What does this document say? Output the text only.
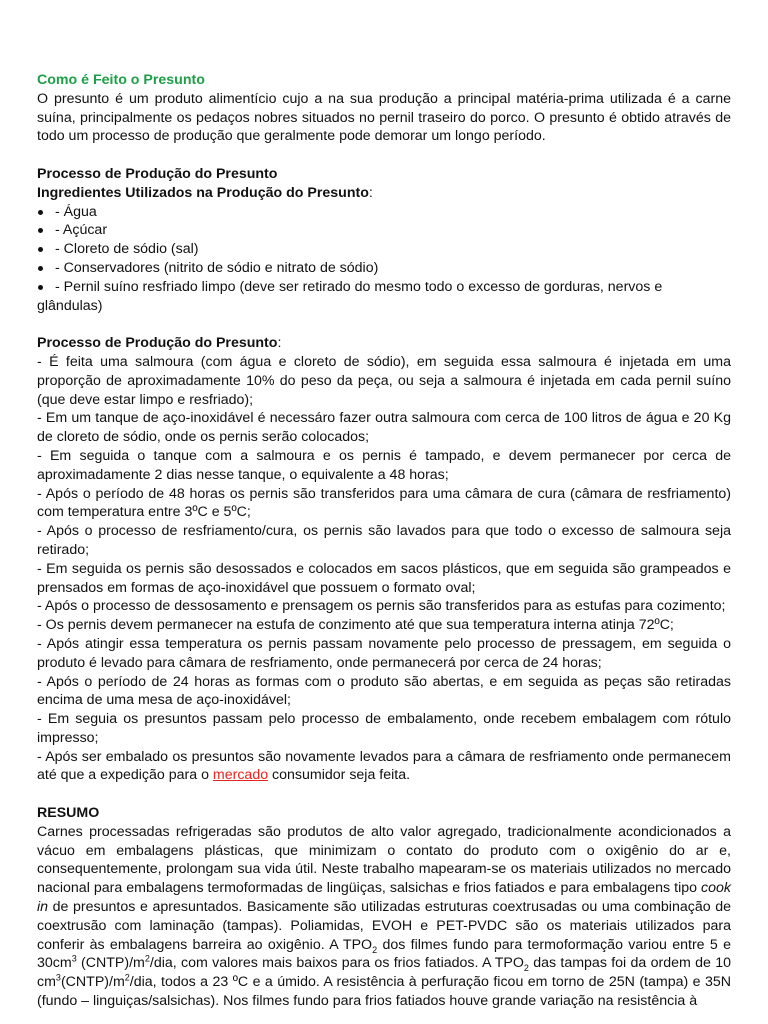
Como é Feito o Presunto

O presunto é um produto alimentício cujo a na sua produção a principal matéria-prima utilizada é a carne suína, principalmente os pedaços nobres situados no pernil traseiro do porco. O presunto é obtido através de todo um processo de produção que geralmente pode demorar um longo período.

Processo de Produção do Presunto

Ingredientes Utilizados na Produção do Presunto:

- Água
- Açúcar
- Cloreto de sódio (sal)
- Conservadores (nitrito de sódio e nitrato de sódio)
- Pernil suíno resfriado limpo (deve ser retirado do mesmo todo o excesso de gorduras, nervos e glândulas)

Processo de Produção do Presunto:

- É feita uma salmoura (com água e cloreto de sódio), em seguida essa salmoura é injetada em uma proporção de aproximadamente 10% do peso da peça, ou seja a salmoura é injetada em cada pernil suíno (que deve estar limpo e resfriado);

- Em um tanque de aço-inoxidável é necessáro fazer outra salmoura com cerca de 100 litros de água e 20 Kg de cloreto de sódio, onde os pernis serão colocados;

- Em seguida o tanque com a salmoura e os pernis é tampado, e devem permanecer por cerca de aproximadamente 2 dias nesse tanque, o equivalente a 48 horas;

- Após o período de 48 horas os pernis são transferidos para uma câmara de cura (câmara de resfriamento) com temperatura entre 3ºC e 5ºC;

- Após o processo de resfriamento/cura, os pernis são lavados para que todo o excesso de salmoura seja retirado;

- Em seguida os pernis são desossados e colocados em sacos plásticos, que em seguida são grampeados e prensados em formas de aço-inoxidável que possuem o formato oval;

- Após o processo de dessosamento e prensagem os pernis são transferidos para as estufas para cozimento;

- Os pernis devem permanecer na estufa de conzimento até que sua temperatura interna atinja 72ºC;

- Após atingir essa temperatura os pernis passam novamente pelo processo de pressagem, em seguida o produto é levado para câmara de resfriamento, onde permanecerá por cerca de 24 horas;

- Após o período de 24 horas as formas com o produto são abertas, e em seguida as peças são retiradas encima de uma mesa de aço-inoxidável;

- Em seguia os presuntos passam pelo processo de embalamento, onde recebem embalagem com rótulo impresso;

- Após ser embalado os presuntos são novamente levados para a câmara de resfriamento onde permanecem até que a expedição para o mercado consumidor seja feita.

RESUMO

Carnes processadas refrigeradas são produtos de alto valor agregado, tradicionalmente acondicionados a vácuo em embalagens plásticas, que minimizam o contato do produto com o oxigênio do ar e, consequentemente, prolongam sua vida útil. Neste trabalho mapearam-se os materiais utilizados no mercado nacional para embalagens termoformadas de lingüiças, salsichas e frios fatiados e para embalagens tipo cook in de presuntos e apresuntados. Basicamente são utilizadas estruturas coextrusadas ou uma combinação de coextrusão com laminação (tampas). Poliamidas, EVOH e PET-PVDC são os materiais utilizados para conferir às embalagens barreira ao oxigênio. A $TPO_2$ dos filmes fundo para termoformação variou entre 5 e $30cm^3$ $(CNTP)/m^2$/dia, com valores mais baixos para os frios fatiados. A $TPO_2$ das tampas foi da ordem de 10 $cm^3(CNTP)/m^2$/dia, todos a 23 ºC e a úmido. A resistência à perfuração ficou em torno de 25N (tampa) e 35N (fundo – linguiças/salsichas). Nos filmes fundo para frios fatiados houve grande variação na resistência à
